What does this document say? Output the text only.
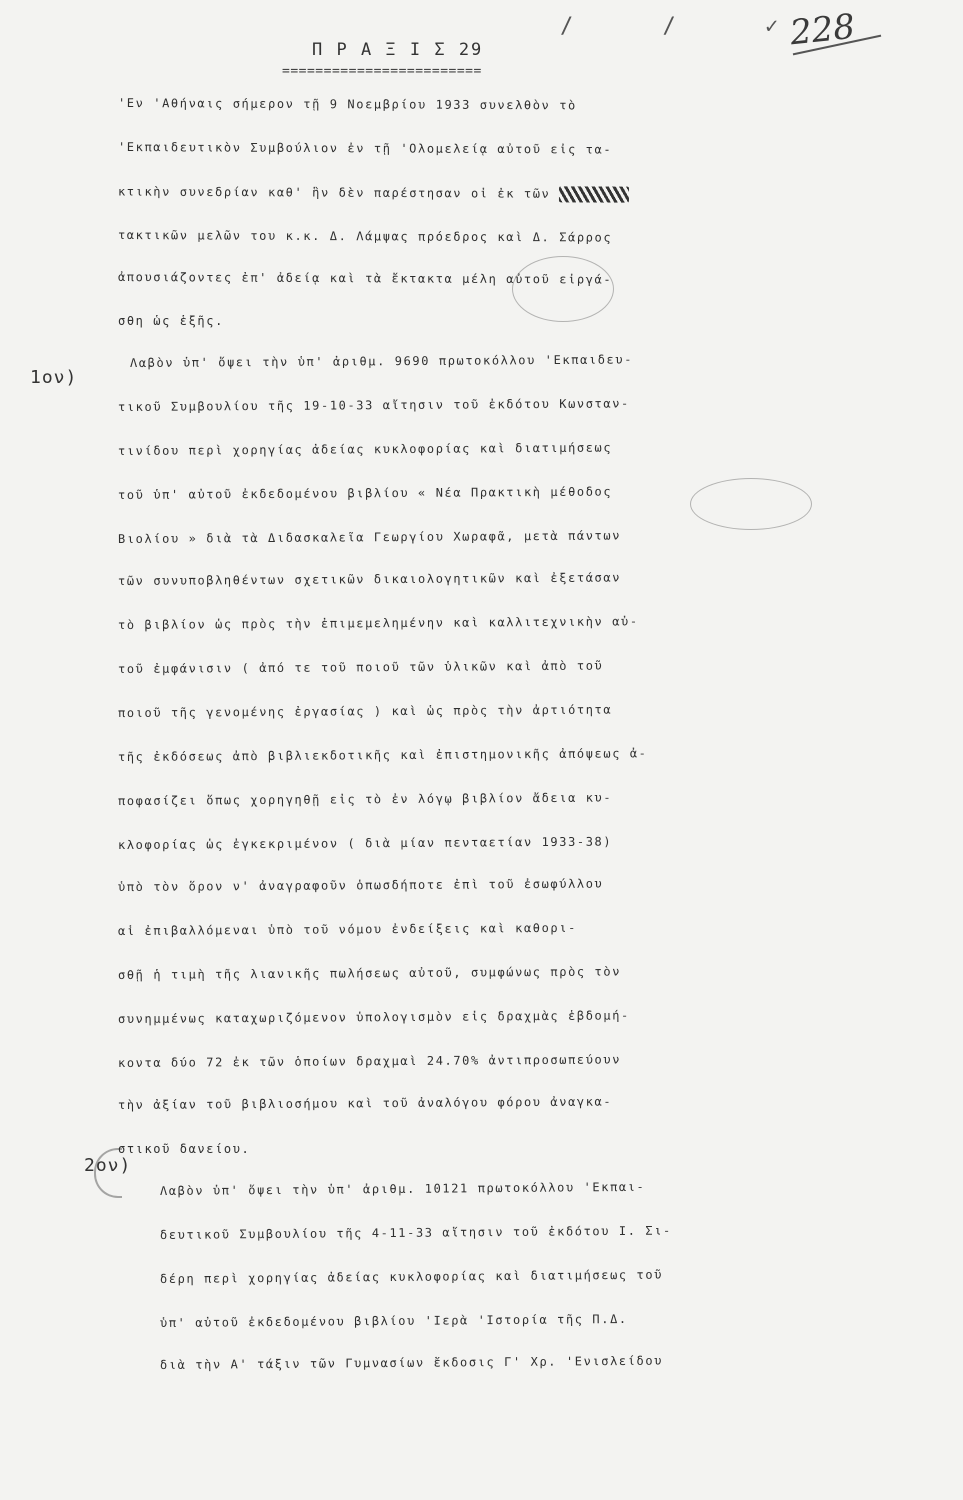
Π Ρ Α Ξ Ι Σ 29
========================
/ / ✓
228
1ον)
2ον)
'Εν 'Αθήναις σήμερον τῇ 9 Νοεμβρίου 1933 συνελθὸν τὸ
'Εκπαιδευτικὸν Συμβούλιον ἐν τῇ 'Ολομελείᾳ αὐτοῦ εἰς τα-
κτικὴν συνεδρίαν καθ' ἣν δὲν παρέστησαν οἱ ἐκ τῶν
τακτικῶν μελῶν του κ.κ. Δ. Λάμψας πρόεδρος καὶ Δ. Σάρρος
ἀπουσιάζοντες ἐπ' ἀδείᾳ καὶ τὰ ἔκτακτα μέλη αὐτοῦ εἰργά-
σθη ὡς ἑξῆς.
Λαβὸν ὑπ' ὄψει τὴν ὑπ' ἀριθμ. 9690 πρωτοκόλλου 'Εκπαιδευ-
τικοῦ Συμβουλίου τῆς 19-10-33 αἴτησιν τοῦ ἐκδότου Κωνσταν-
τινίδου περὶ χορηγίας ἀδείας κυκλοφορίας καὶ διατιμήσεως
τοῦ ὑπ' αὐτοῦ ἐκδεδομένου βιβλίου « Νέα Πρακτικὴ μέθοδος
Βιολίου » διὰ τὰ Διδασκαλεῖα Γεωργίου Χωραφᾶ, μετὰ πάντων
τῶν συνυποβληθέντων σχετικῶν δικαιολογητικῶν καὶ ἐξετάσαν
τὸ βιβλίον ὡς πρὸς τὴν ἐπιμεμελημένην καὶ καλλιτεχνικὴν αὐ-
τοῦ ἐμφάνισιν ( ἀπό τε τοῦ ποιοῦ τῶν ὑλικῶν καὶ ἀπὸ τοῦ
ποιοῦ τῆς γενομένης ἐργασίας ) καὶ ὡς πρὸς τὴν ἀρτιότητα
τῆς ἐκδόσεως ἀπὸ βιβλιεκδοτικῆς καὶ ἐπιστημονικῆς ἀπόψεως ἀ-
ποφασίζει ὅπως χορηγηθῇ εἰς τὸ ἐν λόγῳ βιβλίον ἄδεια κυ-
κλοφορίας ὡς ἐγκεκριμένον ( διὰ μίαν πενταετίαν 1933-38)
ὑπὸ τὸν ὅρον ν' ἀναγραφοῦν ὁπωσδήποτε ἐπὶ τοῦ ἐσωφύλλου
αἱ ἐπιβαλλόμεναι ὑπὸ τοῦ νόμου ἐνδείξεις καὶ καθορι-
σθῇ ἡ τιμὴ τῆς λιανικῆς πωλήσεως αὐτοῦ, συμφώνως πρὸς τὸν
συνημμένως καταχωριζόμενον ὑπολογισμὸν εἰς δραχμὰς ἑβδομή-
κοντα δύο 72 ἐκ τῶν ὁποίων δραχμαὶ 24.70% ἀντιπροσωπεύουν
τὴν ἀξίαν τοῦ βιβλιοσήμου καὶ τοῦ ἀναλόγου φόρου ἀναγκα-
στικοῦ δανείου.
Λαβὸν ὑπ' ὄψει τὴν ὑπ' ἀριθμ. 10121 πρωτοκόλλου 'Εκπαι-
δευτικοῦ Συμβουλίου τῆς 4-11-33 αἴτησιν τοῦ ἐκδότου Ι. Σι-
δέρη περὶ χορηγίας ἀδείας κυκλοφορίας καὶ διατιμήσεως τοῦ
ὑπ' αὐτοῦ ἐκδεδομένου βιβλίου 'Ιερὰ 'Ιστορία τῆς Π.Δ.
διὰ τὴν Α' τάξιν τῶν Γυμνασίων ἔκδοσις Γ' Χρ. 'Ενισλείδου
